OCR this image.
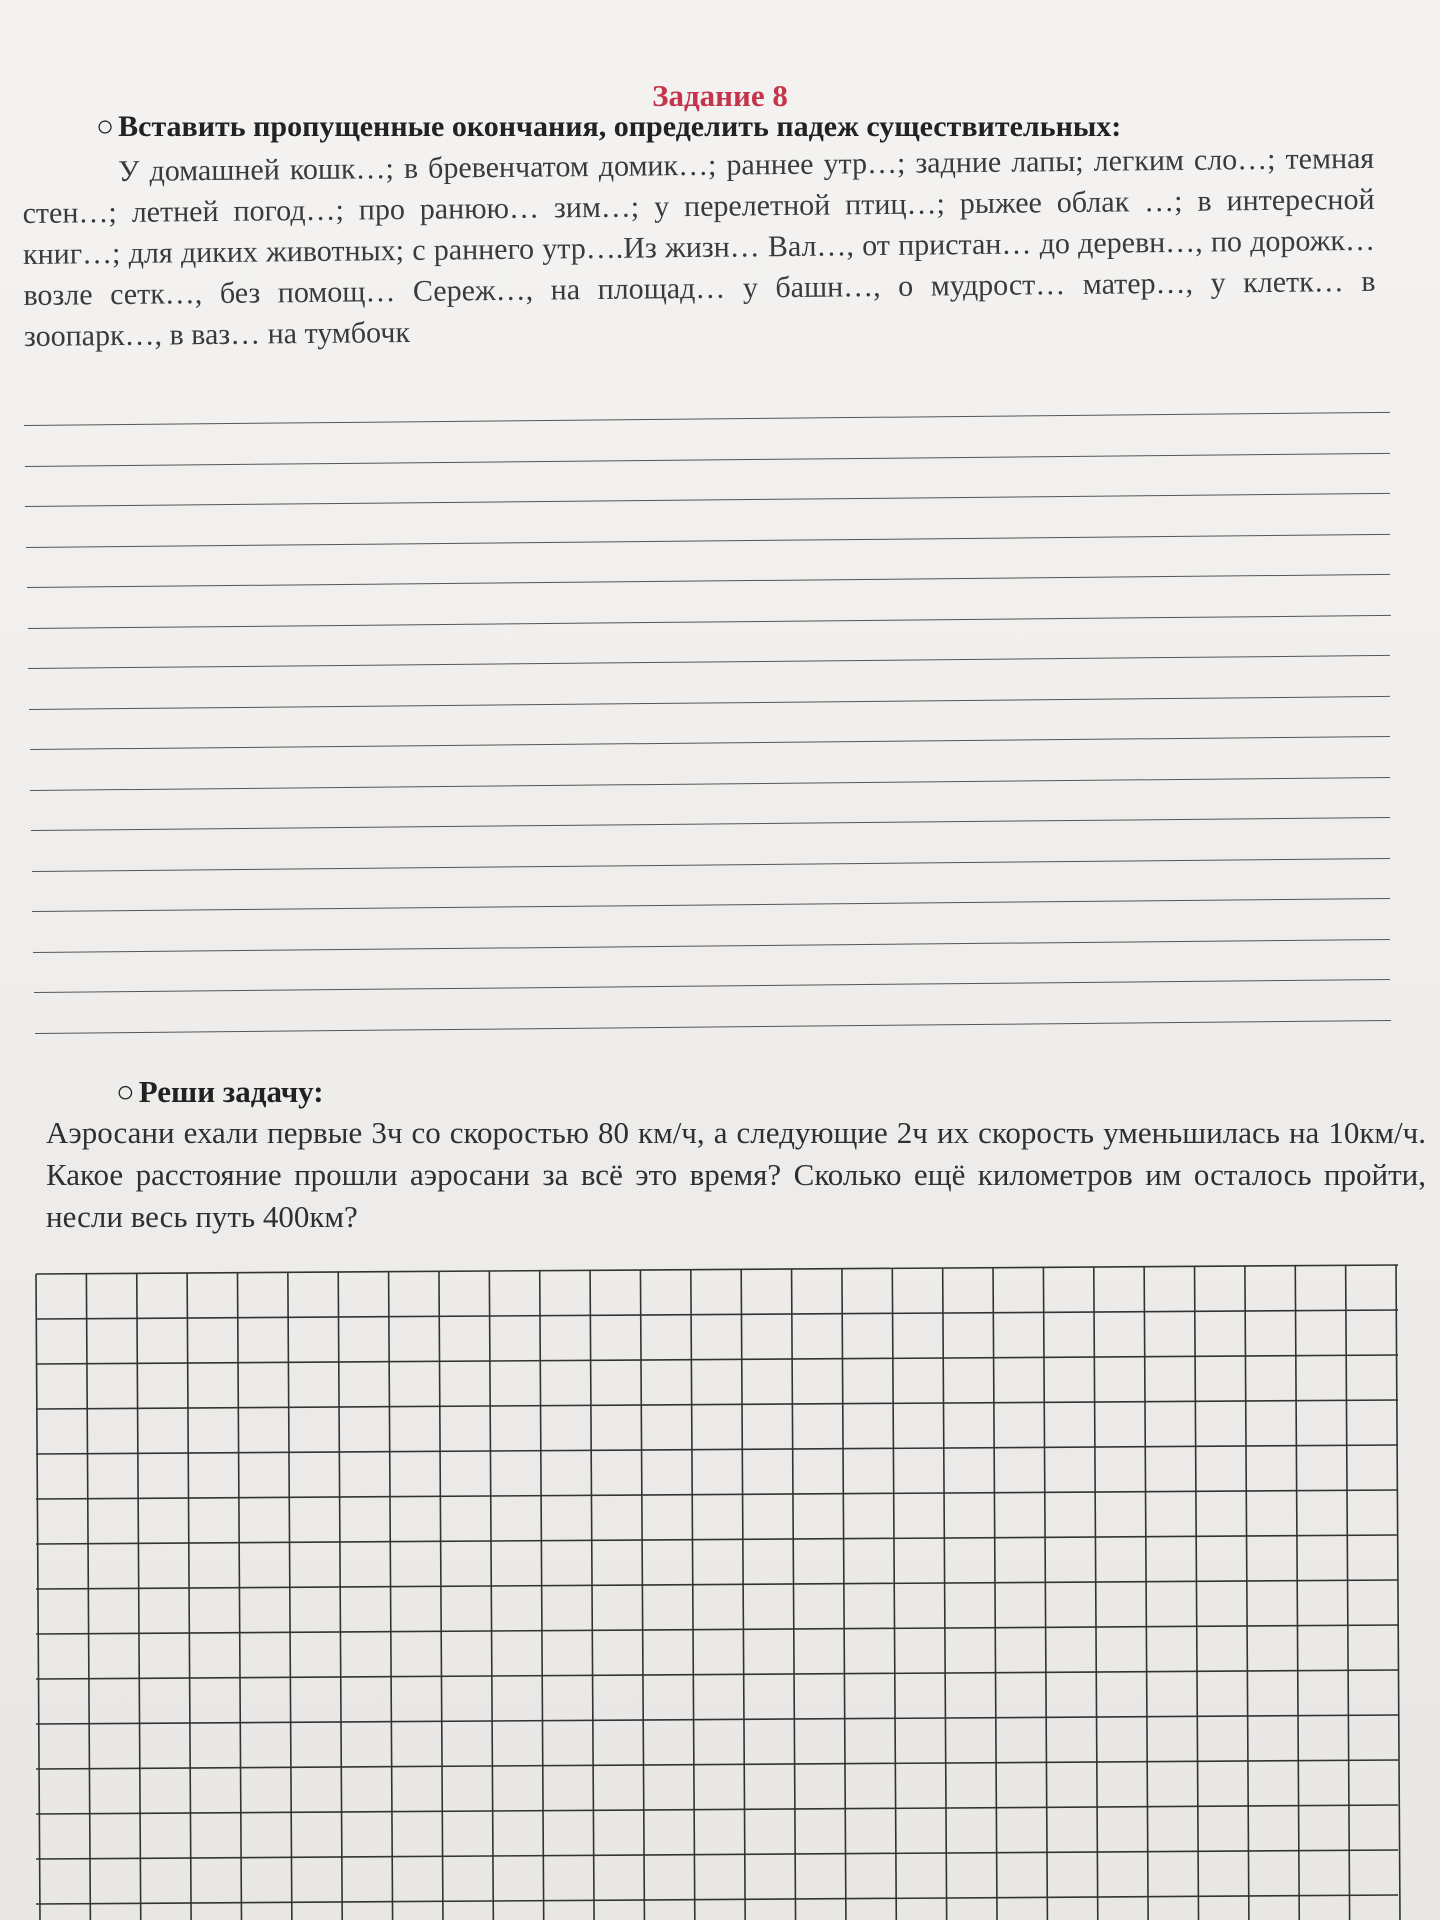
Задание 8
○ Вставить пропущенные окончания, определить падеж существительных:
У домашней кошк…; в бревенчатом домик…; раннее утр…; задние лапы; легким сло…; темная стен…; летней погод…; про ранюю… зим…; у перелетной птиц…; рыжее облак …; в интересной книг…; для диких животных; с раннего утр….Из жизн… Вал…, от пристан… до деревн…, по дорожк… возле сетк…, без помощ… Сереж…, на площад… у башн…, о мудрост… матер…, у клетк… в зоопарк…, в ваз… на тумбочк
○ Реши задачу:

Аэросани ехали первые 3ч со скоростью 80 км/ч, а следующие 2ч их скорость уменьшилась на 10км/ч. Какое расстояние прошли аэросани за всё это время? Сколько ещё километров им осталось пройти, несли весь путь 400км?
